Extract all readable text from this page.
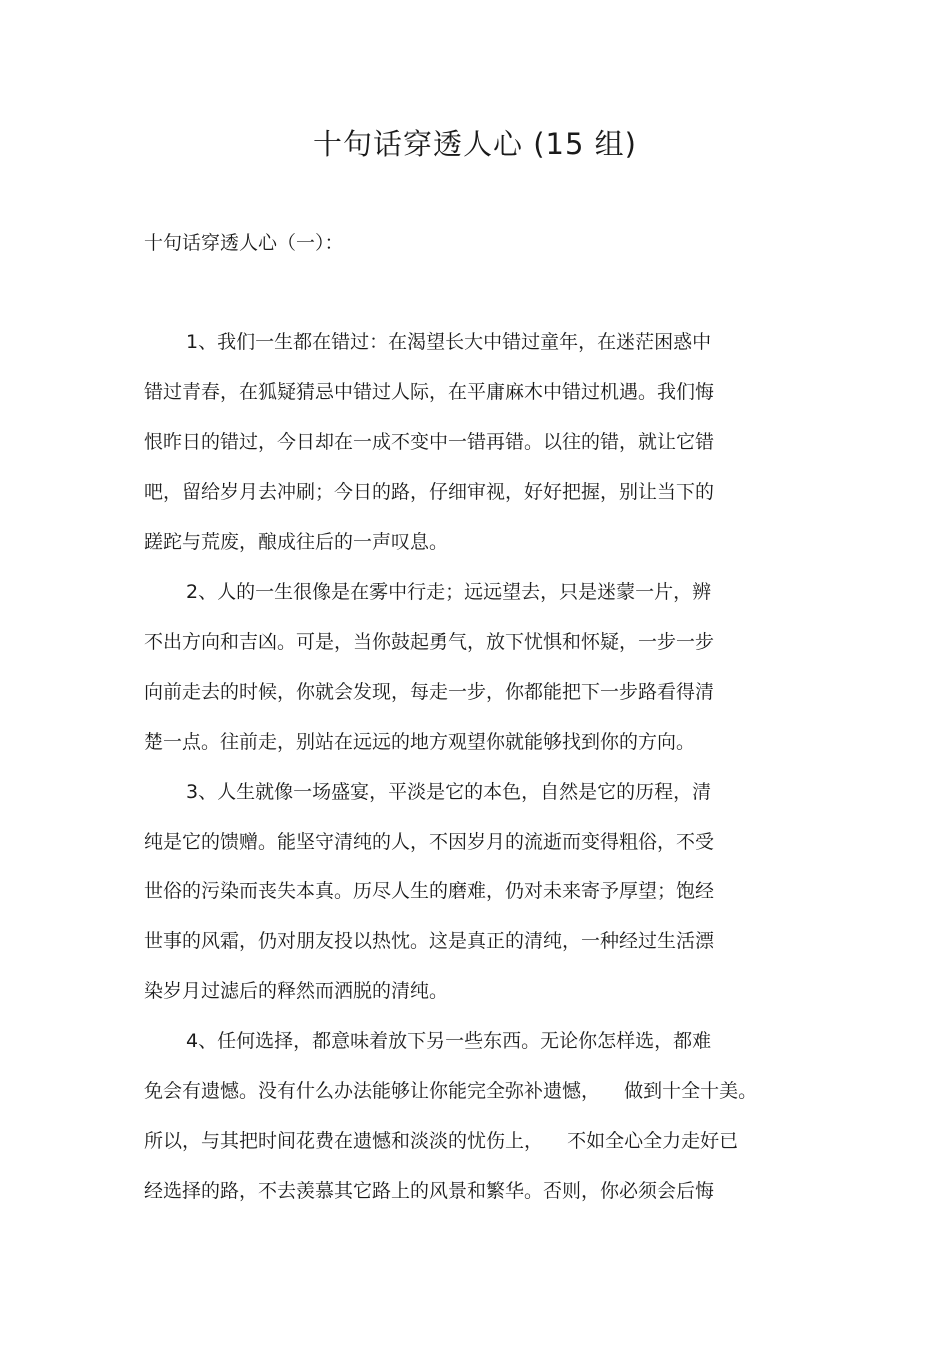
十句话穿透人心 (15 组)

十句话穿透人心（一）：

1、我们一生都在错过：在渴望长大中错过童年，在迷茫困惑中

错过青春，在狐疑猜忌中错过人际，在平庸麻木中错过机遇。我们悔

恨昨日的错过，今日却在一成不变中一错再错。以往的错，就让它错

吧，留给岁月去冲刷；今日的路，仔细审视，好好把握，别让当下的

蹉跎与荒废，酿成往后的一声叹息。

2、人的一生很像是在雾中行走；远远望去，只是迷蒙一片，辨

不出方向和吉凶。可是，当你鼓起勇气，放下忧惧和怀疑，一步一步

向前走去的时候，你就会发现，每走一步，你都能把下一步路看得清

楚一点。往前走，别站在远远的地方观望你就能够找到你的方向。

3、人生就像一场盛宴，平淡是它的本色，自然是它的历程，清

纯是它的馈赠。能坚守清纯的人，不因岁月的流逝而变得粗俗，不受

世俗的污染而丧失本真。历尽人生的磨难，仍对未来寄予厚望；饱经

世事的风霜，仍对朋友投以热忱。这是真正的清纯，一种经过生活漂

染岁月过滤后的释然而洒脱的清纯。

4、任何选择，都意味着放下另一些东西。无论你怎样选，都难

免会有遗憾。没有什么办法能够让你能完全弥补遗憾，    做到十全十美。

所以，与其把时间花费在遗憾和淡淡的忧伤上，    不如全心全力走好已

经选择的路，不去羡慕其它路上的风景和繁华。否则，你必须会后悔
